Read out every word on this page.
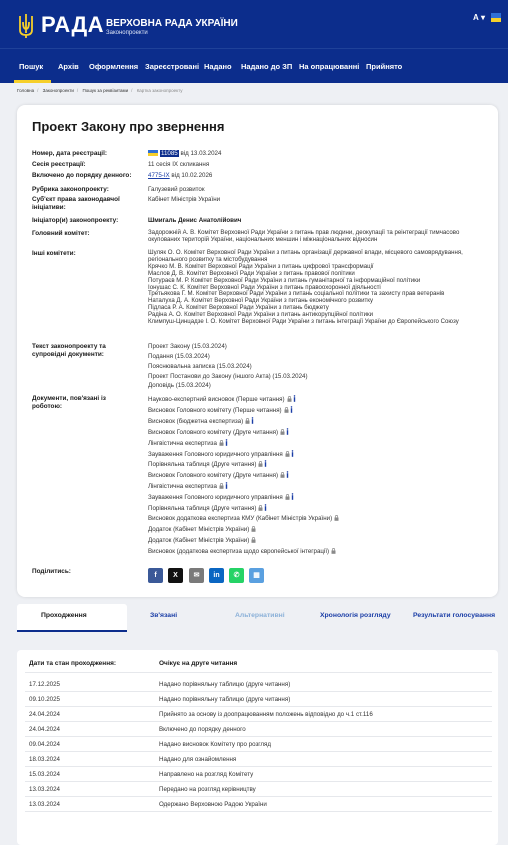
РАДА ВЕРХОВНА РАДА УКРАЇНИ
Законопроекти
А ▾
Пошук Архів Оформлення Зареєстровані Надано Надано до ЗП На опрацюванні Прийнято
Головна / Законопроекти / Пошук за реквізитами / Картка законопроекту
Проект Закону про звернення
Номер, дата реєстрації:	11085 від 13.03.2024
Сесія реєстрації:	11 сесія IX скликання
Включено до порядку денного:	4775-IX від 10.02.2026
Рубрика законопроекту:	Галузевий розвиток
Суб'єкт права законодавчої ініціативи:
Кабінет Міністрів України
Ініціатор(и) законопроекту:	Шмигаль Денис Анатолійович
Головний комітет:	Задорожній А. В. Комітет Верховної Ради України з питань прав людини, деокупації та реінтеграції тимчасово окупованих територій України, національних меншин і міжнаціональних відносин
Інші комітети:	Шуляк О. О. Комітет Верховної Ради України з питань організації державної влади, місцевого самоврядування, регіонального розвитку та містобудування
Крячко М. В. Комітет Верховної Ради України з питань цифрової трансформації
Маслов Д. В. Комітет Верховної Ради України з питань правової політики
Потураєв М. Р. Комітет Верховної Ради України з питань гуманітарної та інформаційної політики
Іонушас С. К. Комітет Верховної Ради України з питань правоохоронної діяльності
Третьякова Г. М. Комітет Верховної Ради України з питань соціальної політики та захисту прав ветеранів
Наталуха Д. А. Комітет Верховної Ради України з питань економічного розвитку
Підласа Р. А. Комітет Верховної Ради України з питань бюджету
Радіна А. О. Комітет Верховної Ради України з питань антикорупційної політики
Климпуш-Цинцадзе І. О. Комітет Верховної Ради України з питань інтеграції України до Європейського Союзу
Текст законопроекту та супровідні документи:
Проект Закону (15.03.2024)
Подання (15.03.2024)
Пояснювальна записка (15.03.2024)
Проект Постанови до Закону (іншого Акта) (15.03.2024)
Доповідь (15.03.2024)
Документи, пов'язані із роботою:
Науково-експертний висновок (Перше читання)
Висновок Головного комітету (Перше читання)
Висновок (бюджетна експертиза)
Висновок Головного комітету (Друге читання)
Лінгвістична експертиза
Зауваження Головного юридичного управління
Порівняльна таблиця (Друге читання)
Висновок Головного комітету (Друге читання)
Лінгвістична експертиза
Зауваження Головного юридичного управління
Порівняльна таблиця (Друге читання)
Висновок додаткова експертиза КМУ (Кабінет Міністрів України)
Додаток (Кабінет Міністрів України)
Додаток (Кабінет Міністрів України)
Висновок (додаткова експертиза щодо європейської інтеграції)
Поділитись:
f	X	✉	in	✆	▦
Проходження	Зв'язані	Альтернативні	Хронологія розгляду	Результати голосування
Дати та стан проходження:	Очікує на друге читання
17.12.2025	Надано порівняльну таблицю (друге читання)
09.10.2025	Надано порівняльну таблицю (друге читання)
24.04.2024	Прийнято за основу із доопрацюванням положень відповідно до ч.1 ст.116
24.04.2024	Включено до порядку денного
09.04.2024	Надано висновок Комітету про розгляд
18.03.2024	Надано для ознайомлення
15.03.2024	Направлено на розгляд Комітету
13.03.2024	Передано на розгляд керівництву
13.03.2024	Одержано Верховною Радою України
